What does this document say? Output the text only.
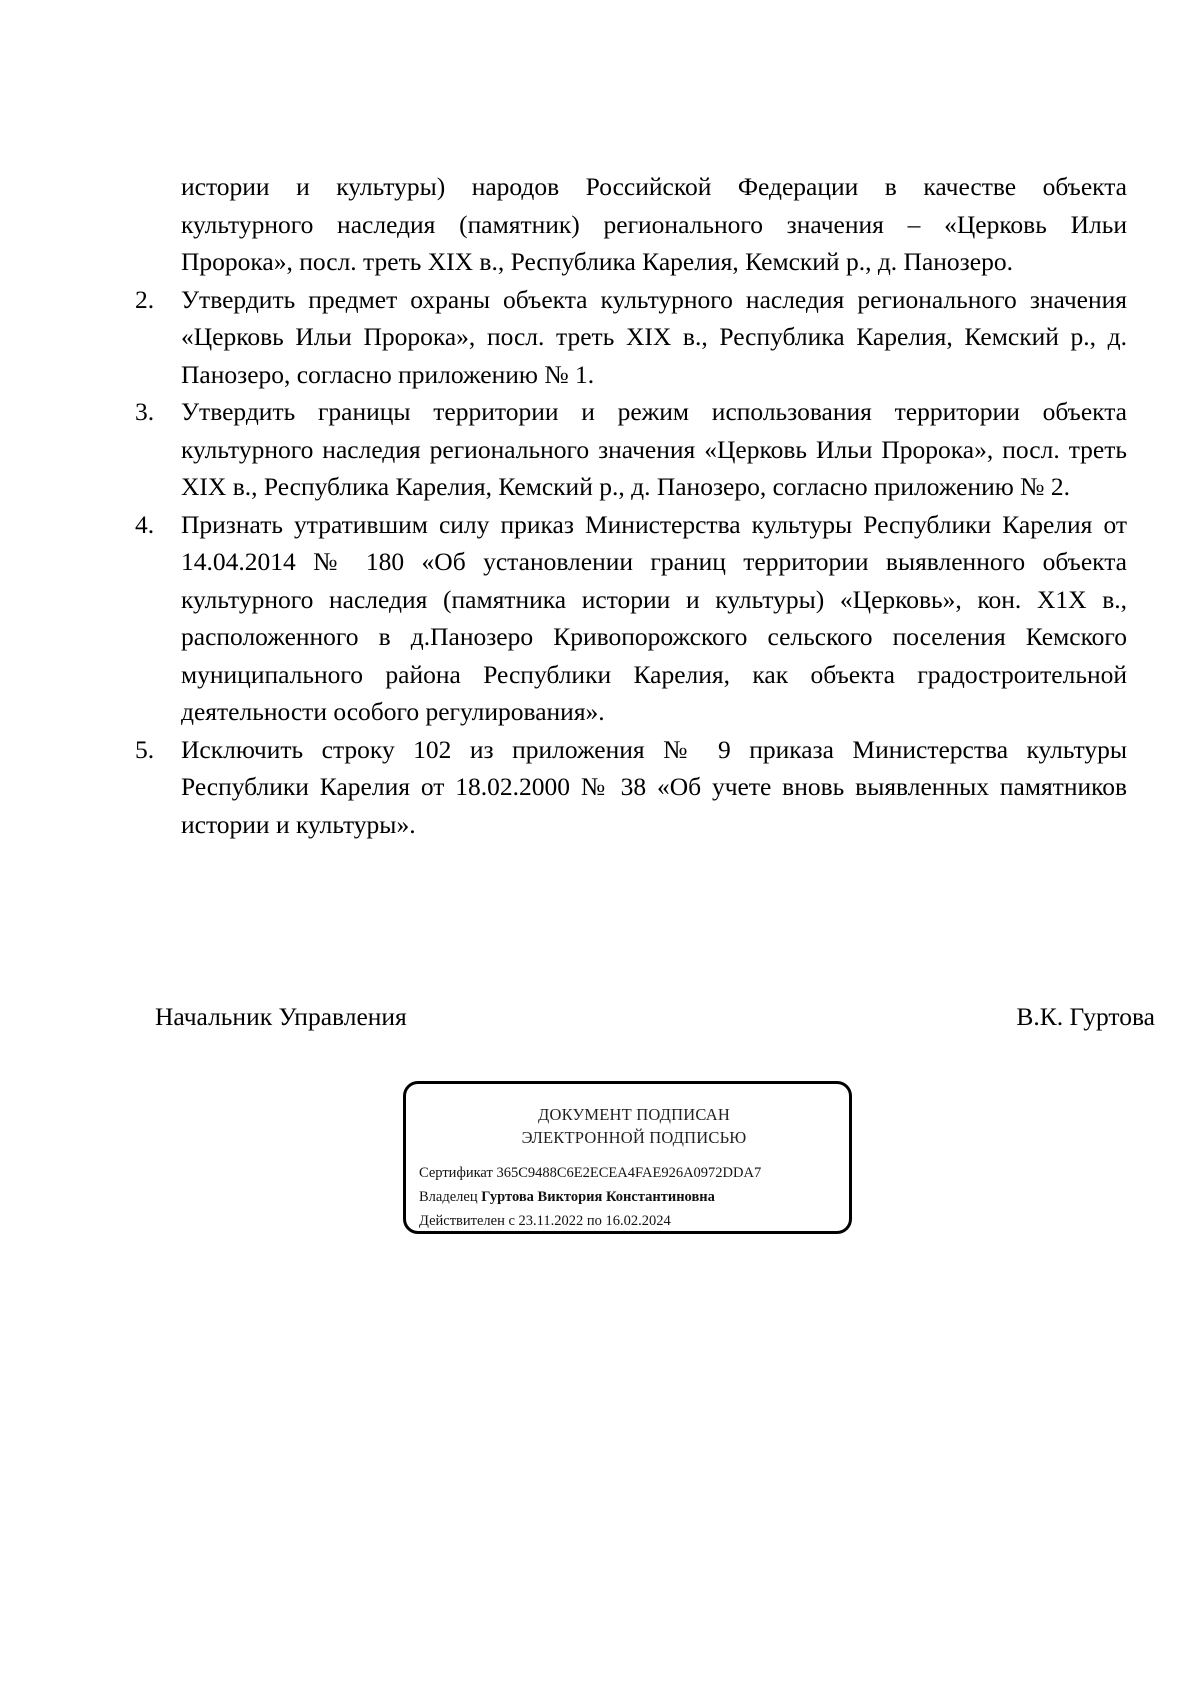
истории и культуры) народов Российской Федерации в качестве объекта
культурного наследия (памятник) регионального значения – «Церковь Ильи
Пророка», посл. треть XIX в., Республика Карелия, Кемский р., д. Панозеро.
2.	Утвердить предмет охраны объекта культурного наследия регионального значения «Церковь Ильи Пророка», посл. треть XIX в., Республика Карелия, Кемский р., д. Панозеро, согласно приложению № 1.
3.	Утвердить границы территории и режим использования территории объекта культурного наследия регионального значения «Церковь Ильи Пророка», посл. треть XIX в., Республика Карелия, Кемский р., д. Панозеро, согласно приложению № 2.
4.	Признать утратившим силу приказ Министерства культуры Республики Карелия от 14.04.2014 № 180 «Об установлении границ территории выявленного объекта культурного наследия (памятника истории и культуры) «Церковь», кон. X1X в., расположенного в д.Панозеро Кривопорожского сельского поселения Кемского муниципального района Республики Карелия, как объекта градостроительной деятельности особого регулирования».
5.	Исключить строку 102 из приложения № 9 приказа Министерства культуры Республики Карелия от 18.02.2000 № 38 «Об учете вновь выявленных памятников истории и культуры».
Начальник Управления	В.К. Гуртова
ДОКУМЕНТ ПОДПИСАН
ЭЛЕКТРОННОЙ ПОДПИСЬЮ
Сертификат 365C9488C6E2ECEA4FAE926A0972DDA7
Владелец Гуртова Виктория Константиновна
Действителен с 23.11.2022 по 16.02.2024
